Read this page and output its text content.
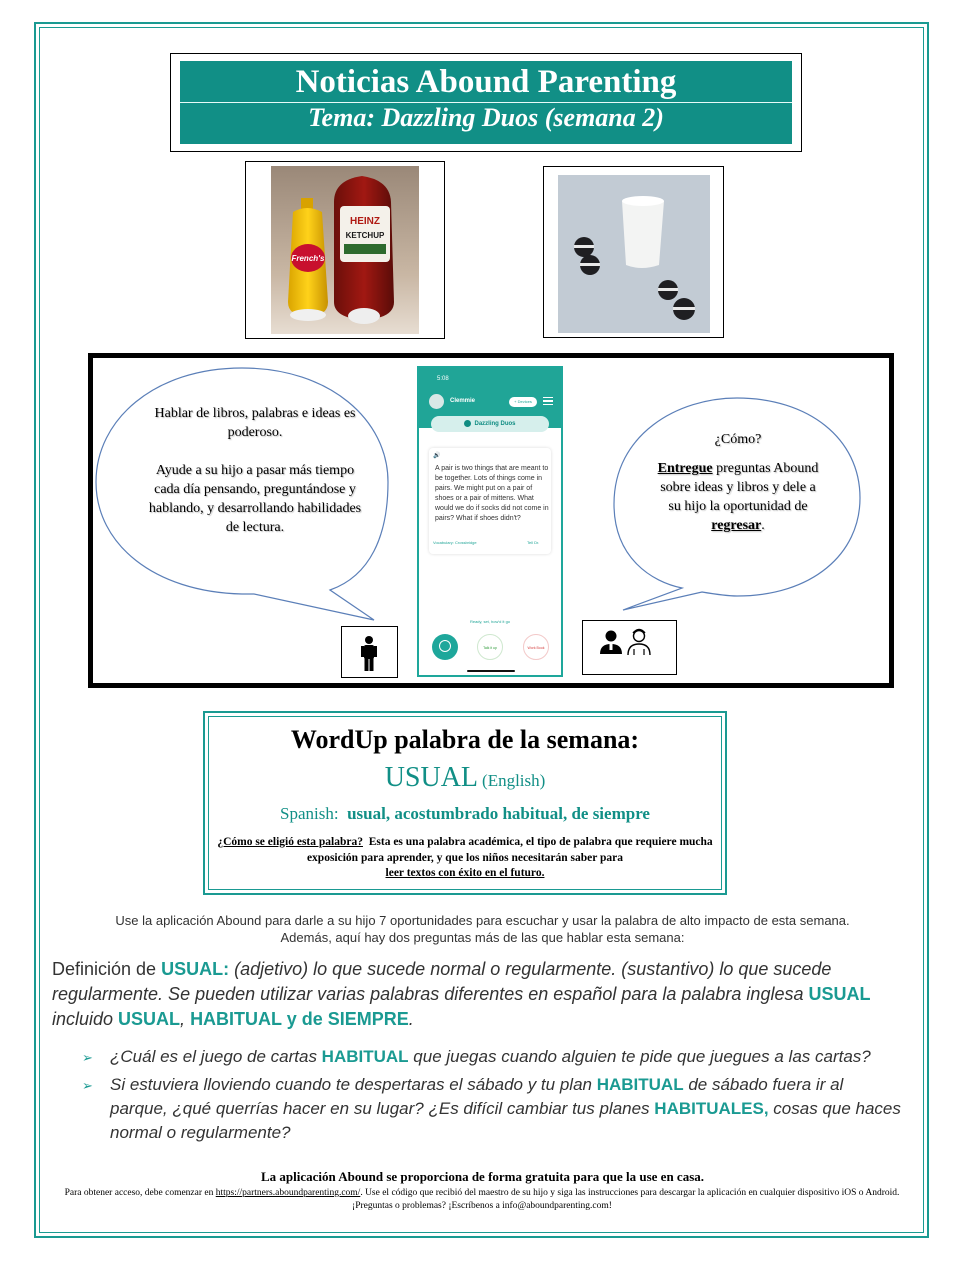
Noticias Abound Parenting
Tema: Dazzling Duos (semana 2)
HEINZ
KETCHUP
French's
Hablar de libros, palabras e ideas es poderoso.
Ayude a su hijo a pasar más tiempo cada día pensando, preguntándose y hablando, y desarrollando habilidades de lectura.
¿Cómo?
Entregue preguntas Abound sobre ideas y libros y dele a su hijo la oportunidad de regresar.
5:08
Clemmie	+ Devices
Dazzling Duos
🔊
A pair is two things that are meant to be together. Lots of things come in pairs. We might put on a pair of shoes or a pair of mittens. What would we do if socks did not come in pairs? What if shoes didn't?
Vocabulary: Crossbridge	Tell Dr.
Ready, set, how'd it go
Talk it up	Work Book
WordUp palabra de la semana:
USUAL (English)
Spanish:  usual, acostumbrado habitual, de siempre
¿Cómo se eligió esta palabra? Esta es una palabra académica, el tipo de palabra que requiere mucha exposición para aprender, y que los niños necesitarán saber para
leer textos con éxito en el futuro.
Use la aplicación Abound para darle a su hijo 7 oportunidades para escuchar y usar la palabra de alto impacto de esta semana.
Además, aquí hay dos preguntas más de las que hablar esta semana:
Definición de USUAL: (adjetivo) lo que sucede normal o regularmente. (sustantivo) lo que sucede regularmente. Se pueden utilizar varias palabras diferentes en español para la palabra inglesa USUAL incluido USUAL, HABITUAL y de SIEMPRE.
➢ ¿Cuál es el juego de cartas HABITUAL que juegas cuando alguien te pide que juegues a las cartas?
➢ Si estuviera lloviendo cuando te despertaras el sábado y tu plan HABITUAL de sábado fuera ir al parque, ¿qué querrías hacer en su lugar? ¿Es difícil cambiar tus planes HABITUALES, cosas que haces normal o regularmente?
La aplicación Abound se proporciona de forma gratuita para que la use en casa.
Para obtener acceso, debe comenzar en https://partners.aboundparenting.com/. Use el código que recibió del maestro de su hijo y siga las instrucciones para descargar la aplicación en cualquier dispositivo iOS o Android. ¡Preguntas o problemas? ¡Escríbenos a info@aboundparenting.com!
